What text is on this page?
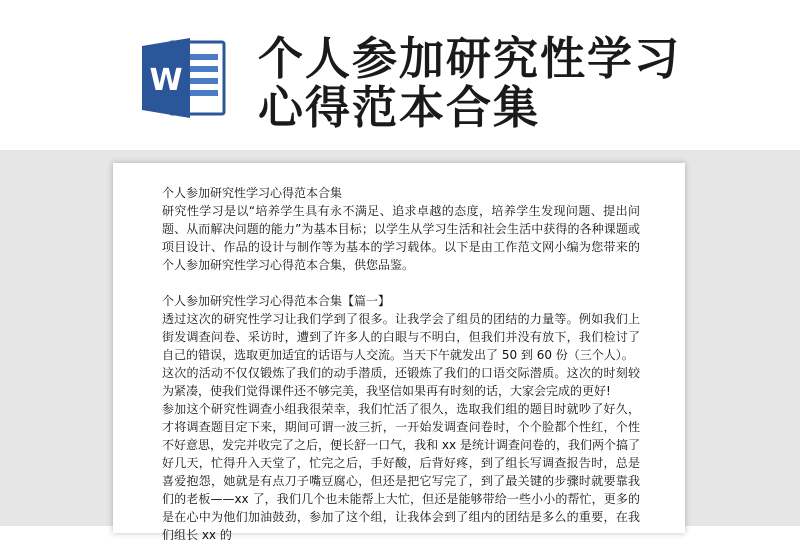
W 个人参加研究性学习
心得范本合集

个人参加研究性学习心得范本合集

研究性学习是以“培养学生具有永不满足、追求卓越的态度，培养学生发现问题、提出问题、从而解决问题的能力”为基本目标；以学生从学习生活和社会生活中获得的各种课题或项目设计、作品的设计与制作等为基本的学习载体。以下是由工作范文网小编为您带来的个人参加研究性学习心得范本合集，供您品鉴。

个人参加研究性学习心得范本合集【篇一】

透过这次的研究性学习让我们学到了很多。让我学会了组员的团结的力量等。例如我们上街发调查问卷、采访时，遭到了许多人的白眼与不明白，但我们并没有放下，我们检讨了自己的错误，选取更加适宜的话语与人交流。当天下午就发出了 50 到 60 份（三个人）。

这次的活动不仅仅锻炼了我们的动手潜质，还锻炼了我们的口语交际潜质。这次的时刻较为紧凑，使我们觉得课件还不够完美，我坚信如果再有时刻的话，大家会完成的更好!

参加这个研究性调查小组我很荣幸，我们忙活了很久，选取我们组的题目时就吵了好久，才将调查题目定下来，期间可谓一波三折，一开始发调查问卷时，个个脸都个性红，个性不好意思，发完并收完了之后，便长舒一口气，我和 xx 是统计调查问卷的，我们两个搞了好几天，忙得升入天堂了，忙完之后，手好酸，后背好疼，到了组长写调查报告时，总是喜爱抱怨，她就是有点刀子嘴豆腐心，但还是把它写完了，到了最关键的步骤时就要靠我们的老板——xx 了，我们几个也未能帮上大忙，但还是能够带给一些小小的帮忙，更多的是在心中为他们加油鼓劲，参加了这个组，让我体会到了组内的团结是多么的重要，在我们组长 xx 的
